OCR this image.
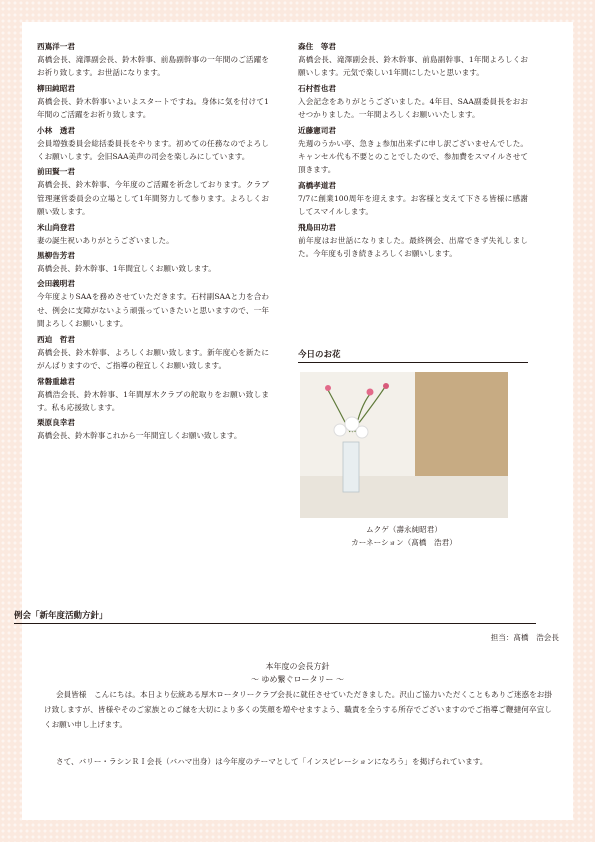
西嶌洋一君
髙橋会長、滝澤副会長、鈴木幹事、前島副幹事の一年間のご活躍をお祈り致します。お世話になります。
柳田純昭君
髙橋会長、鈴木幹事いよいよスタートですね。身体に気を付けて1年間のご活躍をお祈り致します。
小林　透君
会員増強委員会総括委員長をやります。初めての任務なのでよろしくお願いします。会旧SAA美声の司会を楽しみにしています。
前田賢一君
髙橋会長、鈴木幹事、今年度のご活躍を祈念しております。クラブ管理運営委員会の立場として1年間努力して参ります。よろしくお願い致します。
米山尚登君
妻の誕生祝いありがとうございました。
黒柳告芳君
髙橋会長、鈴木幹事、1年間宜しくお願い致します。
会田義明君
今年度よりSAAを務めさせていただきます。石村副SAAと力を合わせ、例会に支障がないよう頑張っていきたいと思いますので、一年間よろしくお願いします。
西迫　哲君
髙橋会長、鈴木幹事、よろしくお願い致します。新年度心を新たにがんばりますので、ご指導の程宜しくお願い致します。
常磐重雄君
髙橋浩会長、鈴木幹事、1年間厚木クラブの舵取りをお願い致します。私も応援致します。
栗原良幸君
髙橋会長、鈴木幹事これから一年間宜しくお願い致します。
森住　等君
髙橋会長、滝澤副会長、鈴木幹事、前島副幹事、1年間よろしくお願いします。元気で楽しい1年間にしたいと思います。
石村哲也君
入会記念をありがとうございました。4年目、SAA副委員長をおおせつかりました。一年間よろしくお願いいたします。
近藤憲司君
先週のうかい亭、急きょ参加出来ずに申し訳ございませんでした。キャンセル代も不要とのことでしたので、参加費をスマイルさせて頂きます。
高橋孝道君
7/7に創業100周年を迎えます。お客様と支えて下さる皆様に感謝してスマイルします。
飛鳥田功君
前年度はお世話になりました。最終例会、出席できず失礼しました。今年度も引き続きよろしくお願いします。
今日のお花
ムクゲ（壽永純昭君）
カーネーション（髙橋　浩君）
例会「新年度活動方針」
担当：髙橋　浩会長
本年度の会長方針
～ ゆめ繋ぐロータリー ～
会員皆様　こんにちは。本日より伝統ある厚木ロータリークラブ会長に就任させていただきました。沢山ご協力いただくこともありご迷惑をお掛け致しますが、皆様やそのご家族とのご縁を大切により多くの笑顔を増やせますよう、職責を全うする所存でございますのでご指導ご鞭撻何卒宜しくお願い申し上げます。
さて、バリー・ラシンＲＩ会長（バハマ出身）は今年度のテーマとして「インスピレーションになろう」を掲げられています。
